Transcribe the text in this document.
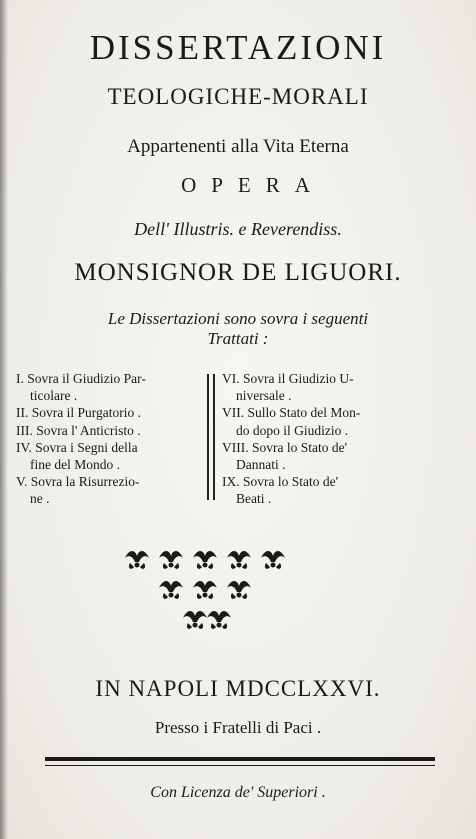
DISSERTAZIONI
TEOLOGICHE-MORALI
Appartenenti alla Vita Eterna
OPERA
Dell' Illustris. e Reverendiss.
MONSIGNOR DE LIGUORI.
Le Dissertazioni sono sovra i seguenti
Trattati :
I. Sovra il Giudizio Par-
ticolare .
II. Sovra il Purgatorio .
III. Sovra l' Anticristo .
IV. Sovra i Segni della
fine del Mondo .
V. Sovra la Risurrezio-
ne .
VI. Sovra il Giudizio U-
niversale .
VII. Sullo Stato del Mon-
do dopo il Giudizio .
VIII. Sovra lo Stato de'
Dannati .
IX. Sovra lo Stato de'
Beati .
IN NAPOLI MDCCLXXVI.
Presso i Fratelli di Paci .
Con Licenza de' Superiori .
